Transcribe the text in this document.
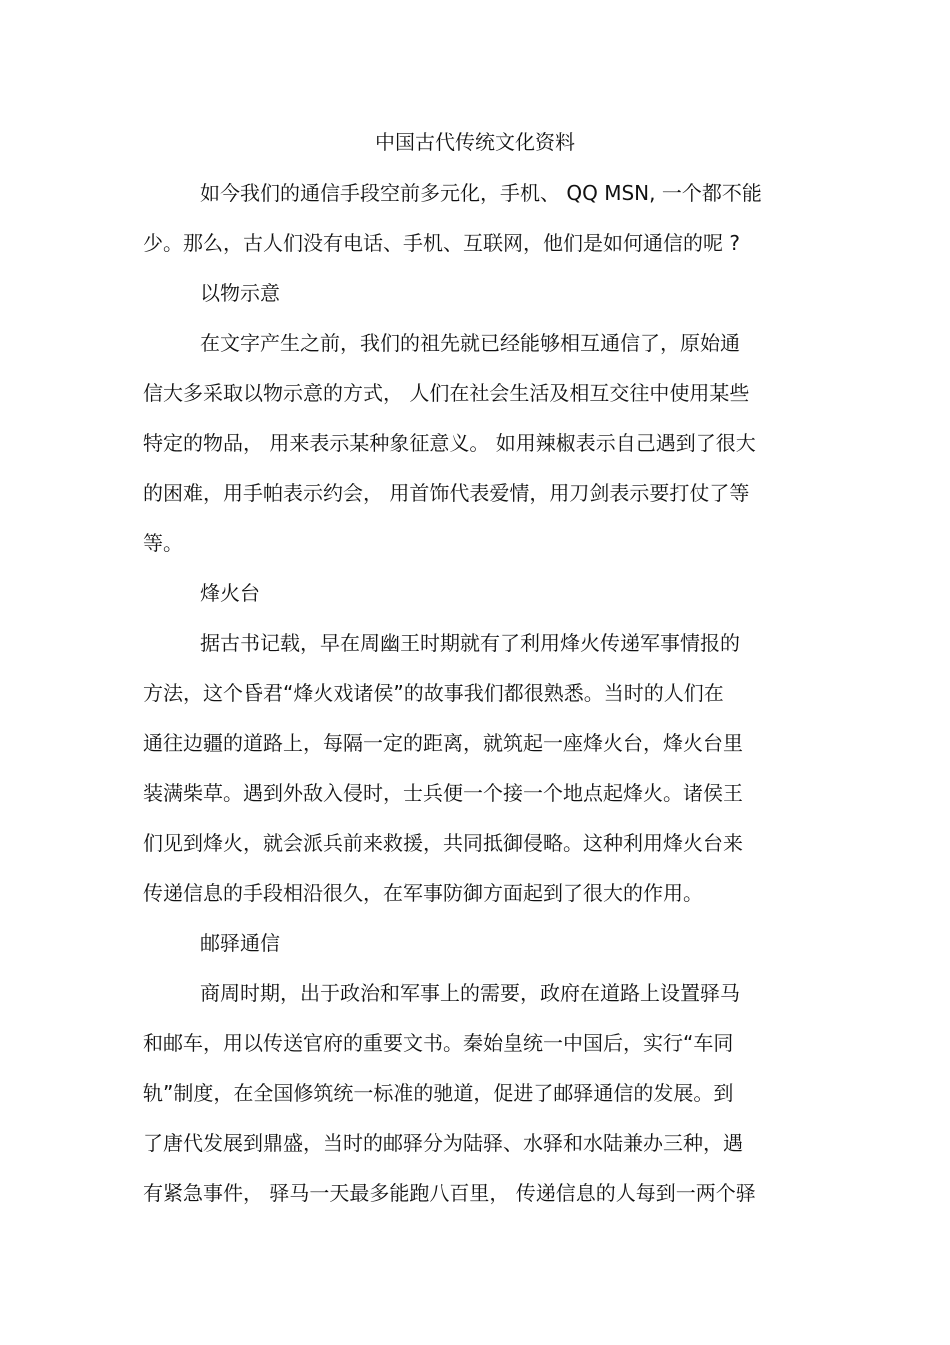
中国古代传统文化资料
如今我们的通信手段空前多元化，手机、 QQ MSN, 一个都不能
少。那么，古人们没有电话、手机、互联网，他们是如何通信的呢 ?
以物示意
在文字产生之前，我们的祖先就已经能够相互通信了，原始通
信大多采取以物示意的方式， 人们在社会生活及相互交往中使用某些
特定的物品， 用来表示某种象征意义。 如用辣椒表示自己遇到了很大
的困难，用手帕表示约会， 用首饰代表爱情，用刀剑表示要打仗了等
等。
烽火台
据古书记载，早在周幽王时期就有了利用烽火传递军事情报的
方法，这个昏君“烽火戏诸侯”的故事我们都很熟悉。当时的人们在
通往边疆的道路上，每隔一定的距离，就筑起一座烽火台，烽火台里
装满柴草。遇到外敌入侵时，士兵便一个接一个地点起烽火。诸侯王
们见到烽火，就会派兵前来救援，共同抵御侵略。这种利用烽火台来
传递信息的手段相沿很久，在军事防御方面起到了很大的作用。
邮驿通信
商周时期，出于政治和军事上的需要，政府在道路上设置驿马
和邮车，用以传送官府的重要文书。秦始皇统一中国后，实行“车同
轨”制度，在全国修筑统一标准的驰道，促进了邮驿通信的发展。到
了唐代发展到鼎盛，当时的邮驿分为陆驿、水驿和水陆兼办三种，遇
有紧急事件， 驿马一天最多能跑八百里， 传递信息的人每到一两个驿
